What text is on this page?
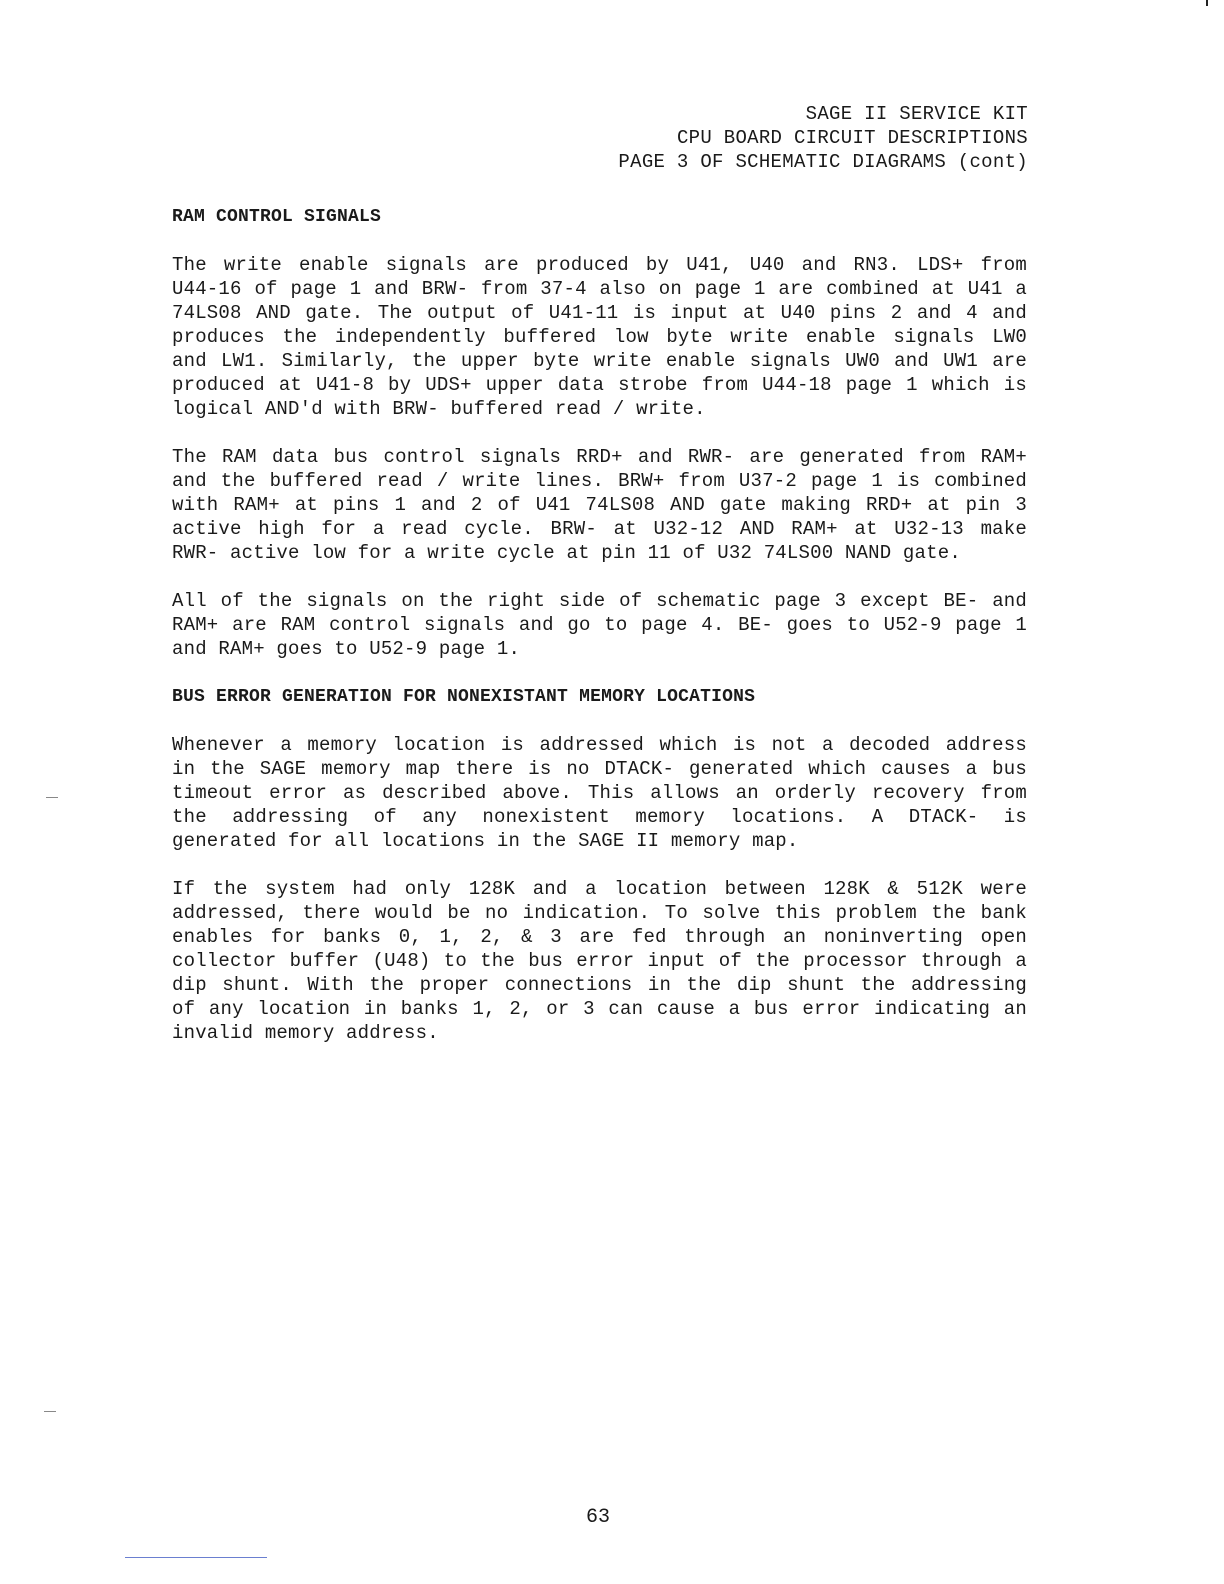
SAGE II SERVICE KIT
CPU BOARD CIRCUIT DESCRIPTIONS
PAGE 3 OF SCHEMATIC DIAGRAMS (cont)
RAM CONTROL SIGNALS
The write enable signals are produced by U41, U40 and RN3. LDS+ from
U44-16 of page 1 and BRW- from 37-4 also on page 1 are combined at U41 a
74LS08 AND gate. The output of U41-11 is input at U40 pins 2 and 4 and
produces the independently buffered low byte write enable signals LW0
and LW1. Similarly, the upper byte write enable signals UW0 and UW1 are
produced at U41-8 by UDS+ upper data strobe from U44-18 page 1 which is
logical AND'd with BRW- buffered read / write.
The RAM data bus control signals RRD+ and RWR- are generated from RAM+
and the buffered read / write lines. BRW+ from U37-2 page 1 is combined
with RAM+ at pins 1 and 2 of U41 74LS08 AND gate making RRD+ at pin 3
active high for a read cycle. BRW- at U32-12 AND RAM+ at U32-13 make
RWR- active low for a write cycle at pin 11 of U32 74LS00 NAND gate.
All of the signals on the right side of schematic page 3 except BE- and
RAM+ are RAM control signals and go to page 4. BE- goes to U52-9 page 1
and RAM+ goes to U52-9 page 1.
BUS ERROR GENERATION FOR NONEXISTANT MEMORY LOCATIONS
Whenever a memory location is addressed which is not a decoded address
in the SAGE memory map there is no DTACK- generated which causes a bus
timeout error as described above. This allows an orderly recovery from
the addressing of any nonexistent memory locations. A DTACK- is
generated for all locations in the SAGE II memory map.
If the system had only 128K and a location between 128K & 512K were
addressed, there would be no indication. To solve this problem the bank
enables for banks 0, 1, 2, & 3 are fed through an noninverting open
collector buffer (U48) to the bus error input of the processor through a
dip shunt. With the proper connections in the dip shunt the addressing
of any location in banks 1, 2, or 3 can cause a bus error indicating an
invalid memory address.
63
